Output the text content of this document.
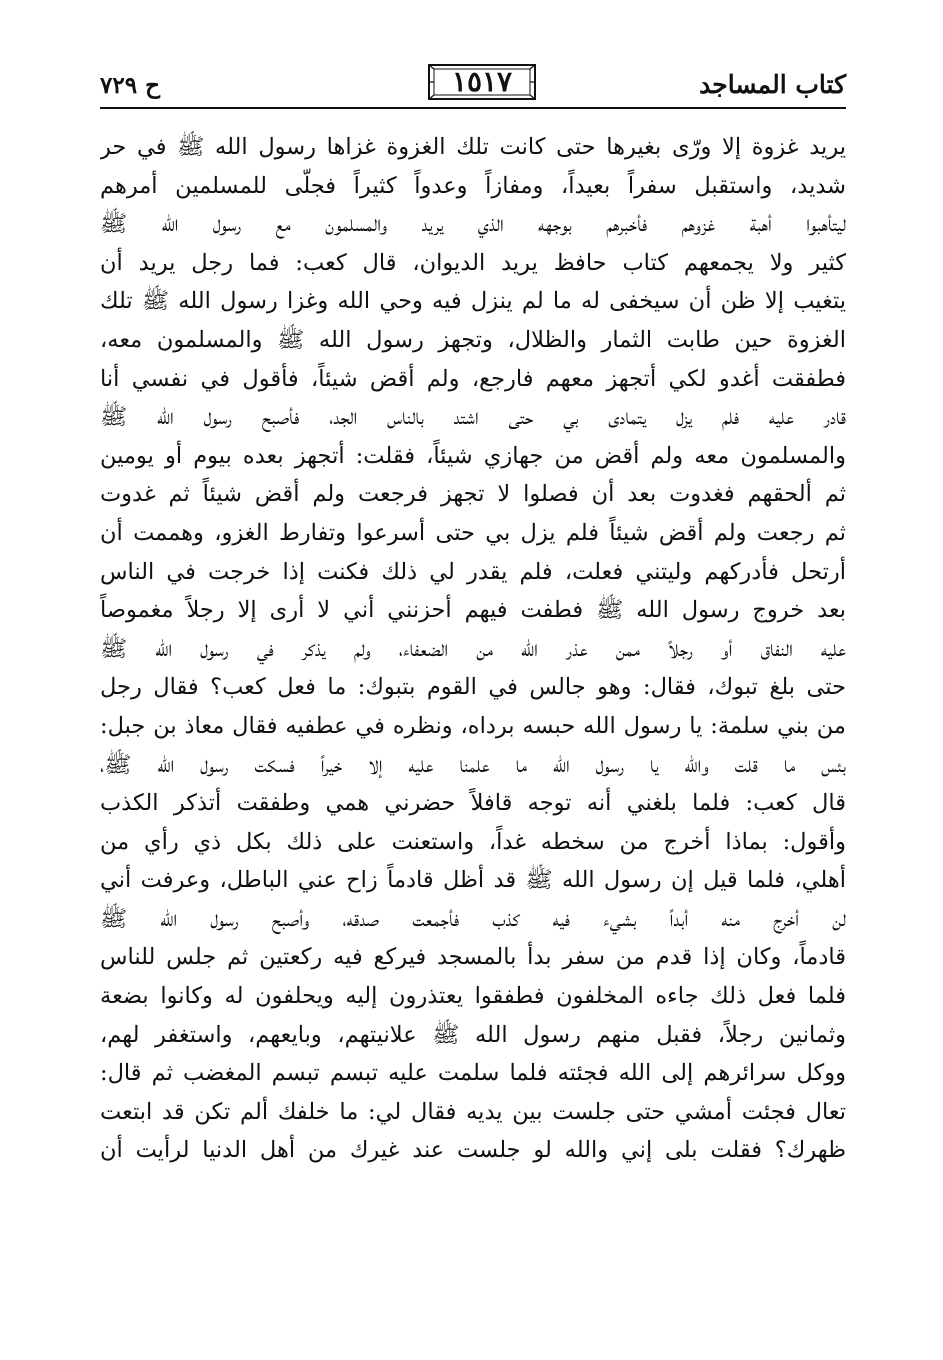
كتاب المساجد
١٥١٧
ح ٧٢٩
يريد غزوة إلا ورّى بغيرها حتى كانت تلك الغزوة غزاها رسول الله ﷺ في حر
شديد، واستقبل سفراً بعيداً، ومفازاً وعدواً كثيراً فجلّى للمسلمين أمرهم
ليتأهبوا أهبة غزوهم فأخبرهم بوجهه الذي يريد والمسلمون مع رسول الله ﷺ
كثير ولا يجمعهم كتاب حافظ يريد الديوان، قال كعب: فما رجل يريد أن
يتغيب إلا ظن أن سيخفى له ما لم ينزل فيه وحي الله وغزا رسول الله ﷺ تلك
الغزوة حين طابت الثمار والظلال، وتجهز رسول الله ﷺ والمسلمون معه،
فطفقت أغدو لكي أتجهز معهم فارجع، ولم أقض شيئاً، فأقول في نفسي أنا
قادر عليه فلم يزل يتمادى بي حتى اشتد بالناس الجد، فأصبح رسول الله ﷺ
والمسلمون معه ولم أقض من جهازي شيئاً، فقلت: أتجهز بعده بيوم أو يومين
ثم ألحقهم فغدوت بعد أن فصلوا لا تجهز فرجعت ولم أقض شيئاً ثم غدوت
ثم رجعت ولم أقض شيئاً فلم يزل بي حتى أسرعوا وتفارط الغزو، وهممت أن
أرتحل فأدركهم وليتني فعلت، فلم يقدر لي ذلك فكنت إذا خرجت في الناس
بعد خروج رسول الله ﷺ فطفت فيهم أحزنني أني لا أرى إلا رجلاً مغموصاً
عليه النفاق أو رجلاً ممن عذر الله من الضعفاء، ولم يذكر في رسول الله ﷺ
حتى بلغ تبوك، فقال: وهو جالس في القوم بتبوك: ما فعل كعب؟ فقال رجل
من بني سلمة: يا رسول الله حبسه برداه، ونظره في عطفيه فقال معاذ بن جبل:
بئس ما قلت والله يا رسول الله ما علمنا عليه إلا خيراً فسكت رسول الله ﷺ،
قال كعب: فلما بلغني أنه توجه قافلاً حضرني همي وطفقت أتذكر الكذب
وأقول: بماذا أخرج من سخطه غداً، واستعنت على ذلك بكل ذي رأي من
أهلي، فلما قيل إن رسول الله ﷺ قد أظل قادماً زاح عني الباطل، وعرفت أني
لن أخرج منه أبداً بشيء فيه كذب فأجمعت صدقه، وأصبح رسول الله ﷺ
قادماً، وكان إذا قدم من سفر بدأ بالمسجد فيركع فيه ركعتين ثم جلس للناس
فلما فعل ذلك جاءه المخلفون فطفقوا يعتذرون إليه ويحلفون له وكانوا بضعة
وثمانين رجلاً، فقبل منهم رسول الله ﷺ علانيتهم، وبايعهم، واستغفر لهم،
ووكل سرائرهم إلى الله فجئته فلما سلمت عليه تبسم تبسم المغضب ثم قال:
تعال فجئت أمشي حتى جلست بين يديه فقال لي: ما خلفك ألم تكن قد ابتعت
ظهرك؟ فقلت بلى إني والله لو جلست عند غيرك من أهل الدنيا لرأيت أن
